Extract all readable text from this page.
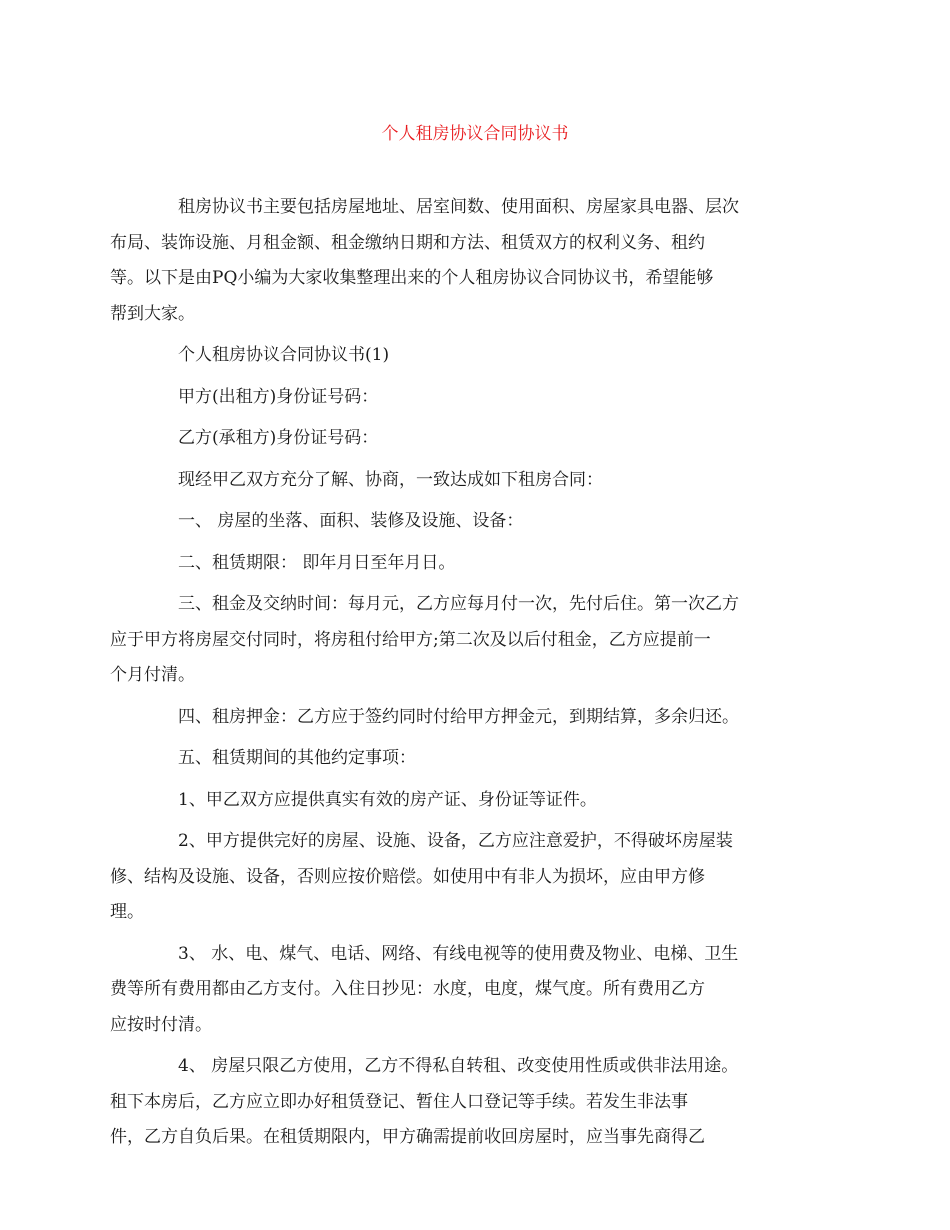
个人租房协议合同协议书
租房协议书主要包括房屋地址、居室间数、使用面积、房屋家具电器、层次
布局、装饰设施、月租金额、租金缴纳日期和方法、租赁双方的权利义务、租约
等。以下是由PQ小编为大家收集整理出来的个人租房协议合同协议书，希望能够
帮到大家。
个人租房协议合同协议书(1)
甲方(出租方)身份证号码：
乙方(承租方)身份证号码：
现经甲乙双方充分了解、协商，一致达成如下租房合同：
一、 房屋的坐落、面积、装修及设施、设备：
二、租赁期限： 即年月日至年月日。
三、租金及交纳时间：每月元，乙方应每月付一次，先付后住。第一次乙方
应于甲方将房屋交付同时，将房租付给甲方;第二次及以后付租金，乙方应提前一
个月付清。
四、租房押金：乙方应于签约同时付给甲方押金元，到期结算，多余归还。
五、租赁期间的其他约定事项：
1、甲乙双方应提供真实有效的房产证、身份证等证件。
2、甲方提供完好的房屋、设施、设备，乙方应注意爱护，不得破坏房屋装
修、结构及设施、设备，否则应按价赔偿。如使用中有非人为损坏，应由甲方修
理。
3、 水、电、煤气、电话、网络、有线电视等的使用费及物业、电梯、卫生
费等所有费用都由乙方支付。入住日抄见：水度，电度，煤气度。所有费用乙方
应按时付清。
4、 房屋只限乙方使用，乙方不得私自转租、改变使用性质或供非法用途。
租下本房后，乙方应立即办好租赁登记、暂住人口登记等手续。若发生非法事
件，乙方自负后果。在租赁期限内，甲方确需提前收回房屋时，应当事先商得乙
